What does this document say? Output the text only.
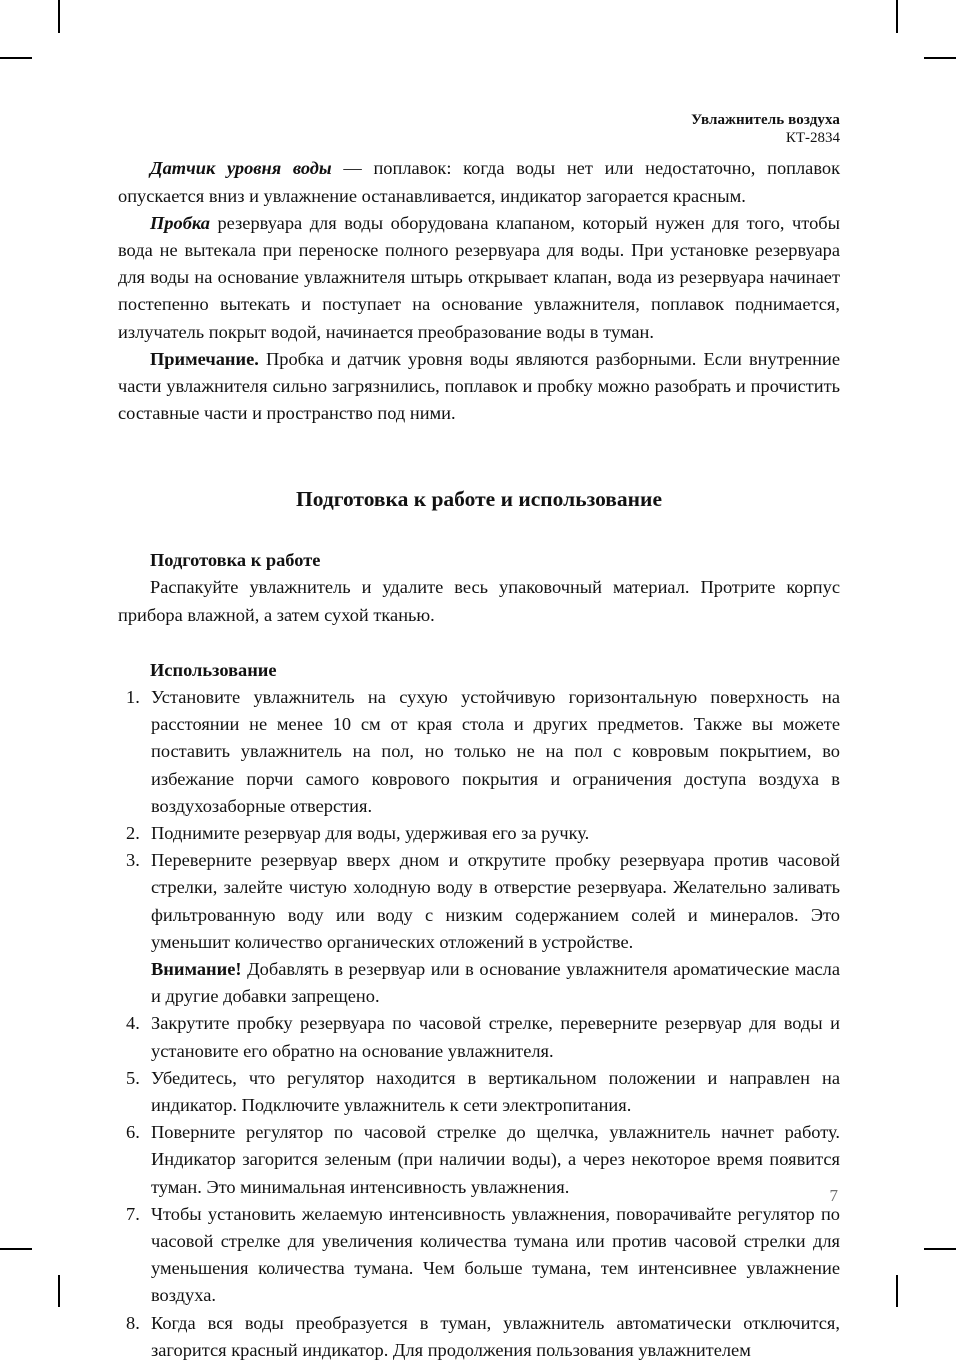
Увлажнитель воздуха
КТ-2834

Датчик уровня воды — поплавок: когда воды нет или недостаточно, поплавок опускается вниз и увлажнение останавливается, индикатор загорается красным.

Пробка резервуара для воды оборудована клапаном, который нужен для того, чтобы вода не вытекала при переноске полного резервуара для воды. При установке резервуара для воды на основание увлажнителя штырь открывает клапан, вода из резервуара начинает постепенно вытекать и поступает на основание увлажнителя, поплавок поднимается, излучатель покрыт водой, начинается преобразование воды в туман.

Примечание. Пробка и датчик уровня воды являются разборными. Если внутренние части увлажнителя сильно загрязнились, поплавок и пробку можно разобрать и прочистить составные части и пространство под ними.

Подготовка к работе и использование
Подготовка к работе

Распакуйте увлажнитель и удалите весь упаковочный материал. Протрите корпус прибора влажной, а затем сухой тканью.

Использование
1. Установите увлажнитель на сухую устойчивую горизонтальную поверхность на расстоянии не менее 10 см от края стола и других предметов. Также вы можете поставить увлажнитель на пол, но только не на пол с ковровым покрытием, во избежание порчи самого коврового покрытия и ограничения доступа воздуха в воздухозаборные отверстия.
2. Поднимите резервуар для воды, удерживая его за ручку.
3. Переверните резервуар вверх дном и открутите пробку резервуара против часовой стрелки, залейте чистую холодную воду в отверстие резервуара. Желательно заливать фильтрованную воду или воду с низким содержанием солей и минералов. Это уменьшит количество органических отложений в устройстве.
Внимание! Добавлять в резервуар или в основание увлажнителя ароматические масла и другие добавки запрещено.
4. Закрутите пробку резервуара по часовой стрелке, переверните резервуар для воды и установите его обратно на основание увлажнителя.
5. Убедитесь, что регулятор находится в вертикальном положении и направлен на индикатор. Подключите увлажнитель к сети электропитания.
6. Поверните регулятор по часовой стрелке до щелчка, увлажнитель начнет работу. Индикатор загорится зеленым (при наличии воды), а через некоторое время появится туман. Это минимальная интенсивность увлажнения.
7. Чтобы установить желаемую интенсивность увлажнения, поворачивайте регулятор по часовой стрелке для увеличения количества тумана или против часовой стрелки для уменьшения количества тумана. Чем больше тумана, тем интенсивнее увлажнение воздуха.
8. Когда вся воды преобразуется в туман, увлажнитель автоматически отключится, загорится красный индикатор. Для продолжения пользования увлажнителем
7
